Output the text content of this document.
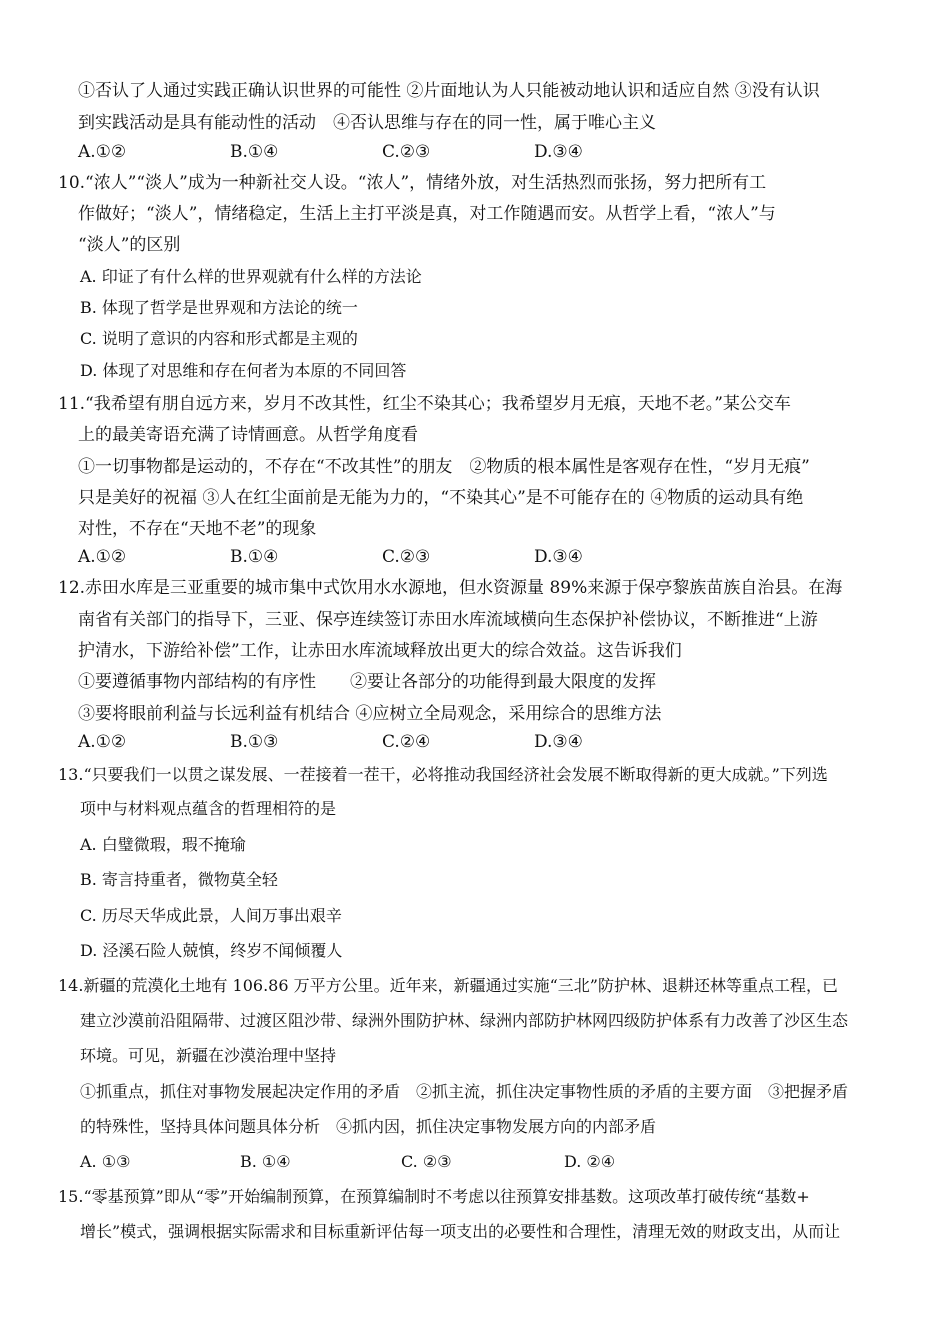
①否认了人通过实践正确认识世界的可能性 ②片面地认为人只能被动地认识和适应自然 ③没有认识
到实践活动是具有能动性的活动　④否认思维与存在的同一性，属于唯心主义
A.①②	B.①④	C.②③	D.③④
10.“浓人”“淡人”成为一种新社交人设。“浓人”，情绪外放，对生活热烈而张扬，努力把所有工
作做好；“淡人”，情绪稳定，生活上主打平淡是真，对工作随遇而安。从哲学上看，“浓人”与
“淡人”的区别
A. 印证了有什么样的世界观就有什么样的方法论
B. 体现了哲学是世界观和方法论的统一
C. 说明了意识的内容和形式都是主观的
D. 体现了对思维和存在何者为本原的不同回答
11.“我希望有朋自远方来，岁月不改其性，红尘不染其心；我希望岁月无痕，天地不老。”某公交车
上的最美寄语充满了诗情画意。从哲学角度看
①一切事物都是运动的，不存在“不改其性”的朋友　②物质的根本属性是客观存在性，“岁月无痕”
只是美好的祝福 ③人在红尘面前是无能为力的，“不染其心”是不可能存在的 ④物质的运动具有绝
对性，不存在“天地不老”的现象
A.①②	B.①④	C.②③	D.③④
12.赤田水库是三亚重要的城市集中式饮用水水源地，但水资源量 89%来源于保亭黎族苗族自治县。在海
南省有关部门的指导下，三亚、保亭连续签订赤田水库流域横向生态保护补偿协议，不断推进“上游
护清水，下游给补偿”工作，让赤田水库流域释放出更大的综合效益。这告诉我们
①要遵循事物内部结构的有序性　　②要让各部分的功能得到最大限度的发挥
③要将眼前利益与长远利益有机结合 ④应树立全局观念，采用综合的思维方法
A.①②	B.①③	C.②④	D.③④
13.“只要我们一以贯之谋发展、一茬接着一茬干，必将推动我国经济社会发展不断取得新的更大成就。”下列选
项中与材料观点蕴含的哲理相符的是
A. 白璧微瑕，瑕不掩瑜
B. 寄言持重者，微物莫全轻
C. 历尽天华成此景，人间万事出艰辛
D. 泾溪石险人兢慎，终岁不闻倾覆人
14.新疆的荒漠化土地有 106.86 万平方公里。近年来，新疆通过实施“三北”防护林、退耕还林等重点工程，已
建立沙漠前沿阻隔带、过渡区阻沙带、绿洲外围防护林、绿洲内部防护林网四级防护体系有力改善了沙区生态
环境。可见，新疆在沙漠治理中坚持
①抓重点，抓住对事物发展起决定作用的矛盾　②抓主流，抓住决定事物性质的矛盾的主要方面　③把握矛盾
的特殊性，坚持具体问题具体分析　④抓内因，抓住决定事物发展方向的内部矛盾
A. ①③	B. ①④	C. ②③	D. ②④
15.“零基预算”即从“零”开始编制预算，在预算编制时不考虑以往预算安排基数。这项改革打破传统“基数+
增长”模式，强调根据实际需求和目标重新评估每一项支出的必要性和合理性，清理无效的财政支出，从而让
